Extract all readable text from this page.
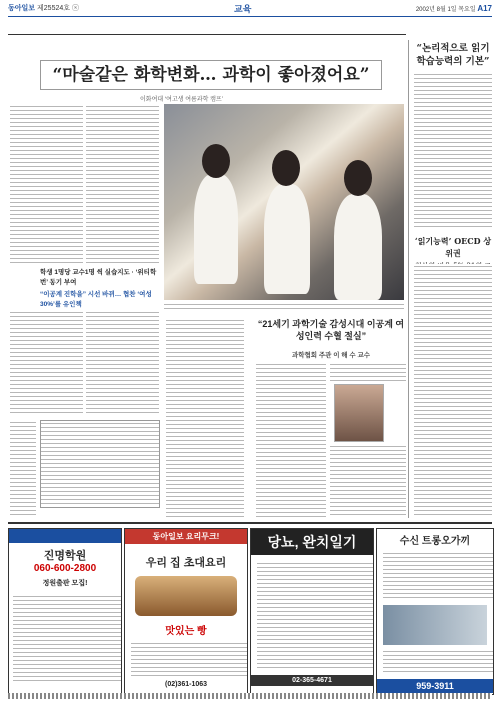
동아일보 제25524호 ⓢ	교육	2002년 8월 1일 목요일 A17
“마술같은 화학변화… 과학이 좋아졌어요”
이화여대 ‘여고생 여름과학 캠프’
학생 1명당 교수1명 씩 실습지도 · ‘위티학번’ 동기 부여
“이공계 진학을” 시선 바뀌… 협찬 ‘여성 30%’를 유인책
“21세기 과학기술 감성시대 이공계 여성인력 수혈 절실”
과학협회 주관 이 해 수 교수
“논리적으로 읽기 학습능력의 기본”
‘읽기능력’ OECD 상위권

진명학원
060-600-2800
정원출판 모집!
동아일보 요리무크!
우리 집 초대요리
맛있는 빵
(02)361-1063
당뇨, 완치일기
02-365-4671
수신 트롱오가끼
959-3911
